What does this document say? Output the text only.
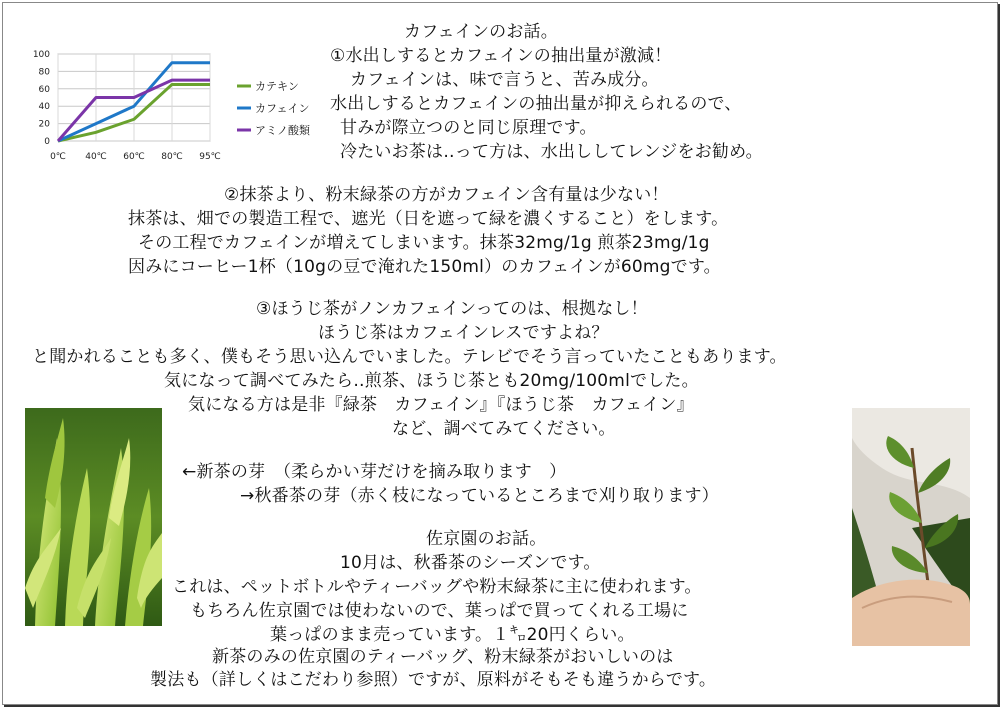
0
20
40
60
80
100
0℃ 40℃ 60℃ 80℃ 95℃
カテキン
カフェイン
アミノ酸類
カフェインのお話。
①水出しするとカフェインの抽出量が激減！
カフェインは、味で言うと、苦み成分。
水出しするとカフェインの抽出量が抑えられるので、
甘みが際立つのと同じ原理です。
冷たいお茶は‥って方は、水出ししてレンジをお勧め。
②抹茶より、粉末緑茶の方がカフェイン含有量は少ない！
抹茶は、畑での製造工程で、遮光（日を遮って緑を濃くすること）をします。
その工程でカフェインが増えてしまいます。抹茶32mg/1g 煎茶23mg/1g
因みにコーヒー1杯（10gの豆で淹れた150ml）のカフェインが60mgです。
③ほうじ茶がノンカフェインってのは、根拠なし！
ほうじ茶はカフェインレスですよね？
と聞かれることも多く、僕もそう思い込んでいました。テレビでそう言っていたこともあります。
気になって調べてみたら‥煎茶、ほうじ茶とも20mg/100mlでした。
気になる方は是非『緑茶　カフェイン』『ほうじ茶　カフェイン』
など、調べてみてください。
←新茶の芽　（柔らかい芽だけを摘み取ります　）
→秋番茶の芽（赤く枝になっているところまで刈り取ります）
佐京園のお話。
10月は、秋番茶のシーズンです。
これは、ペットボトルやティーバッグや粉末緑茶に主に使われます。
もちろん佐京園では使わないので、葉っぱで買ってくれる工場に
葉っぱのまま売っています。１㌔20円くらい。
新茶のみの佐京園のティーバッグ、粉末緑茶がおいしいのは
製法も（詳しくはこだわり参照）ですが、原料がそもそも違うからです。
